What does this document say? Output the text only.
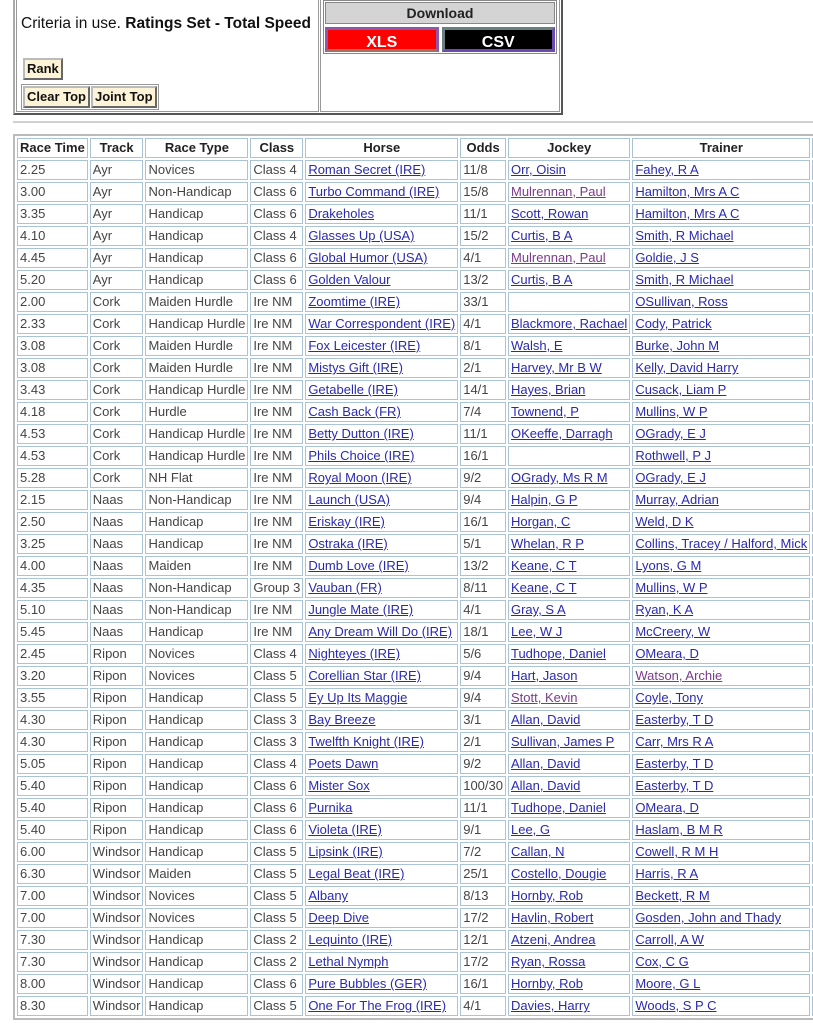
Criteria in use. Ratings Set - Total Speed
Rank
Clear Top Joint Top

Download
XLS	CSV
Race Time	Track	Race Type	Class	Horse	Odds	Jockey	Trainer	
2.25	Ayr	Novices	Class 4	Roman Secret (IRE)	11/8	Orr, Oisin	Fahey, R A	
3.00	Ayr	Non-Handicap	Class 6	Turbo Command (IRE)	15/8	Mulrennan, Paul	Hamilton, Mrs A C	
3.35	Ayr	Handicap	Class 6	Drakeholes	11/1	Scott, Rowan	Hamilton, Mrs A C	
4.10	Ayr	Handicap	Class 4	Glasses Up (USA)	15/2	Curtis, B A	Smith, R Michael	
4.45	Ayr	Handicap	Class 6	Global Humor (USA)	4/1	Mulrennan, Paul	Goldie, J S	
5.20	Ayr	Handicap	Class 6	Golden Valour	13/2	Curtis, B A	Smith, R Michael	
2.00	Cork	Maiden Hurdle	Ire NM	Zoomtime (IRE)	33/1		OSullivan, Ross	
2.33	Cork	Handicap Hurdle	Ire NM	War Correspondent (IRE)	4/1	Blackmore, Rachael	Cody, Patrick	
3.08	Cork	Maiden Hurdle	Ire NM	Fox Leicester (IRE)	8/1	Walsh, E	Burke, John M	
3.08	Cork	Maiden Hurdle	Ire NM	Mistys Gift (IRE)	2/1	Harvey, Mr B W	Kelly, David Harry	
3.43	Cork	Handicap Hurdle	Ire NM	Getabelle (IRE)	14/1	Hayes, Brian	Cusack, Liam P	
4.18	Cork	Hurdle	Ire NM	Cash Back (FR)	7/4	Townend, P	Mullins, W P	
4.53	Cork	Handicap Hurdle	Ire NM	Betty Dutton (IRE)	11/1	OKeeffe, Darragh	OGrady, E J	
4.53	Cork	Handicap Hurdle	Ire NM	Phils Choice (IRE)	16/1		Rothwell, P J	
5.28	Cork	NH Flat	Ire NM	Royal Moon (IRE)	9/2	OGrady, Ms R M	OGrady, E J	
2.15	Naas	Non-Handicap	Ire NM	Launch (USA)	9/4	Halpin, G P	Murray, Adrian	
2.50	Naas	Handicap	Ire NM	Eriskay (IRE)	16/1	Horgan, C	Weld, D K	
3.25	Naas	Handicap	Ire NM	Ostraka (IRE)	5/1	Whelan, R P	Collins, Tracey / Halford, Mick	
4.00	Naas	Maiden	Ire NM	Dumb Love (IRE)	13/2	Keane, C T	Lyons, G M	
4.35	Naas	Non-Handicap	Group 3	Vauban (FR)	8/11	Keane, C T	Mullins, W P	
5.10	Naas	Non-Handicap	Ire NM	Jungle Mate (IRE)	4/1	Gray, S A	Ryan, K A	
5.45	Naas	Handicap	Ire NM	Any Dream Will Do (IRE)	18/1	Lee, W J	McCreery, W	
2.45	Ripon	Novices	Class 4	Nighteyes (IRE)	5/6	Tudhope, Daniel	OMeara, D	
3.20	Ripon	Novices	Class 5	Corellian Star (IRE)	9/4	Hart, Jason	Watson, Archie	
3.55	Ripon	Handicap	Class 5	Ey Up Its Maggie	9/4	Stott, Kevin	Coyle, Tony	
4.30	Ripon	Handicap	Class 3	Bay Breeze	3/1	Allan, David	Easterby, T D	
4.30	Ripon	Handicap	Class 3	Twelfth Knight (IRE)	2/1	Sullivan, James P	Carr, Mrs R A	
5.05	Ripon	Handicap	Class 4	Poets Dawn	9/2	Allan, David	Easterby, T D	
5.40	Ripon	Handicap	Class 6	Mister Sox	100/30	Allan, David	Easterby, T D	
5.40	Ripon	Handicap	Class 6	Purnika	11/1	Tudhope, Daniel	OMeara, D	
5.40	Ripon	Handicap	Class 6	Violeta (IRE)	9/1	Lee, G	Haslam, B M R	
6.00	Windsor	Handicap	Class 5	Lipsink (IRE)	7/2	Callan, N	Cowell, R M H	
6.30	Windsor	Maiden	Class 5	Legal Beat (IRE)	25/1	Costello, Dougie	Harris, R A	
7.00	Windsor	Novices	Class 5	Albany	8/13	Hornby, Rob	Beckett, R M	
7.00	Windsor	Novices	Class 5	Deep Dive	17/2	Havlin, Robert	Gosden, John and Thady	
7.30	Windsor	Handicap	Class 2	Lequinto (IRE)	12/1	Atzeni, Andrea	Carroll, A W	
7.30	Windsor	Handicap	Class 2	Lethal Nymph	17/2	Ryan, Rossa	Cox, C G	
8.00	Windsor	Handicap	Class 6	Pure Bubbles (GER)	16/1	Hornby, Rob	Moore, G L	
8.30	Windsor	Handicap	Class 5	One For The Frog (IRE)	4/1	Davies, Harry	Woods, S P C	
